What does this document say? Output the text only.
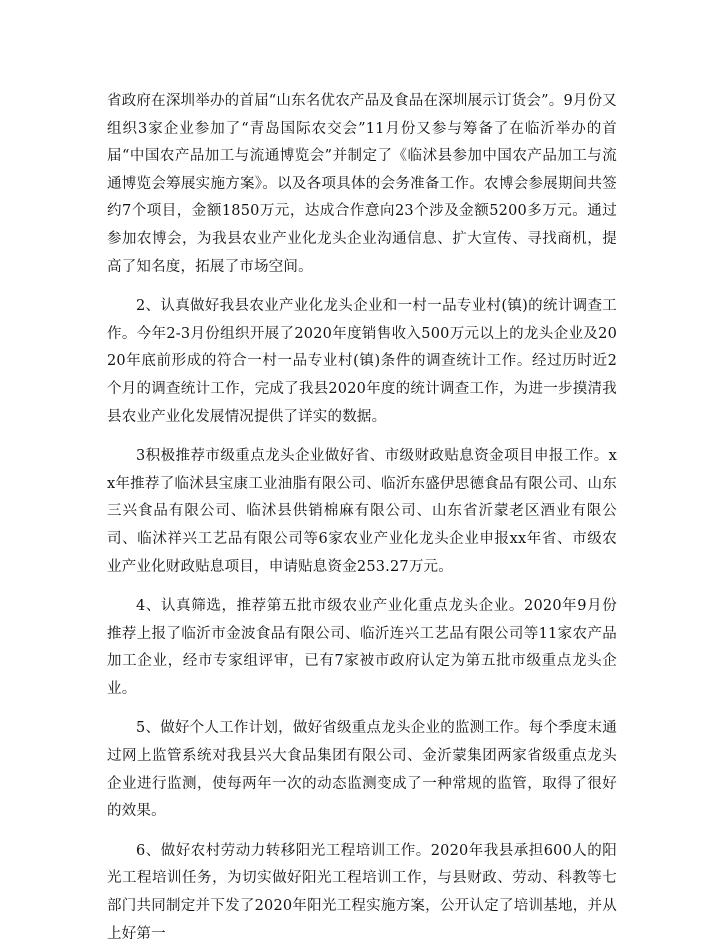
省政府在深圳举办的首届“山东名优农产品及食品在深圳展示订货会”。9月份又组织3家企业参加了“青岛国际农交会”11月份又参与筹备了在临沂举办的首届“中国农产品加工与流通博览会”并制定了《临沭县参加中国农产品加工与流通博览会筹展实施方案》。以及各项具体的会务准备工作。农博会参展期间共签约7个项目，金额1850万元，达成合作意向23个涉及金额5200多万元。通过参加农博会，为我县农业产业化龙头企业沟通信息、扩大宣传、寻找商机，提高了知名度，拓展了市场空间。

2、认真做好我县农业产业化龙头企业和一村一品专业村(镇)的统计调查工作。今年2-3月份组织开展了2020年度销售收入500万元以上的龙头企业及2020年底前形成的符合一村一品专业村(镇)条件的调查统计工作。经过历时近2个月的调查统计工作，完成了我县2020年度的统计调查工作，为进一步摸清我县农业产业化发展情况提供了详实的数据。

3积极推荐市级重点龙头企业做好省、市级财政贴息资金项目申报工作。xx年推荐了临沭县宝康工业油脂有限公司、临沂东盛伊思德食品有限公司、山东三兴食品有限公司、临沭县供销棉麻有限公司、山东省沂蒙老区酒业有限公司、临沭祥兴工艺品有限公司等6家农业产业化龙头企业申报xx年省、市级农业产业化财政贴息项目，申请贴息资金253.27万元。

4、认真筛选，推荐第五批市级农业产业化重点龙头企业。2020年9月份推荐上报了临沂市金波食品有限公司、临沂连兴工艺品有限公司等11家农产品加工企业，经市专家组评审，已有7家被市政府认定为第五批市级重点龙头企业。

5、做好个人工作计划，做好省级重点龙头企业的监测工作。每个季度末通过网上监管系统对我县兴大食品集团有限公司、金沂蒙集团两家省级重点龙头企业进行监测，使每两年一次的动态监测变成了一种常规的监管，取得了很好的效果。

6、做好农村劳动力转移阳光工程培训工作。2020年我县承担600人的阳光工程培训任务，为切实做好阳光工程培训工作，与县财政、劳动、科教等七部门共同制定并下发了2020年阳光工程实施方案，公开认定了培训基地，并从上好第一
